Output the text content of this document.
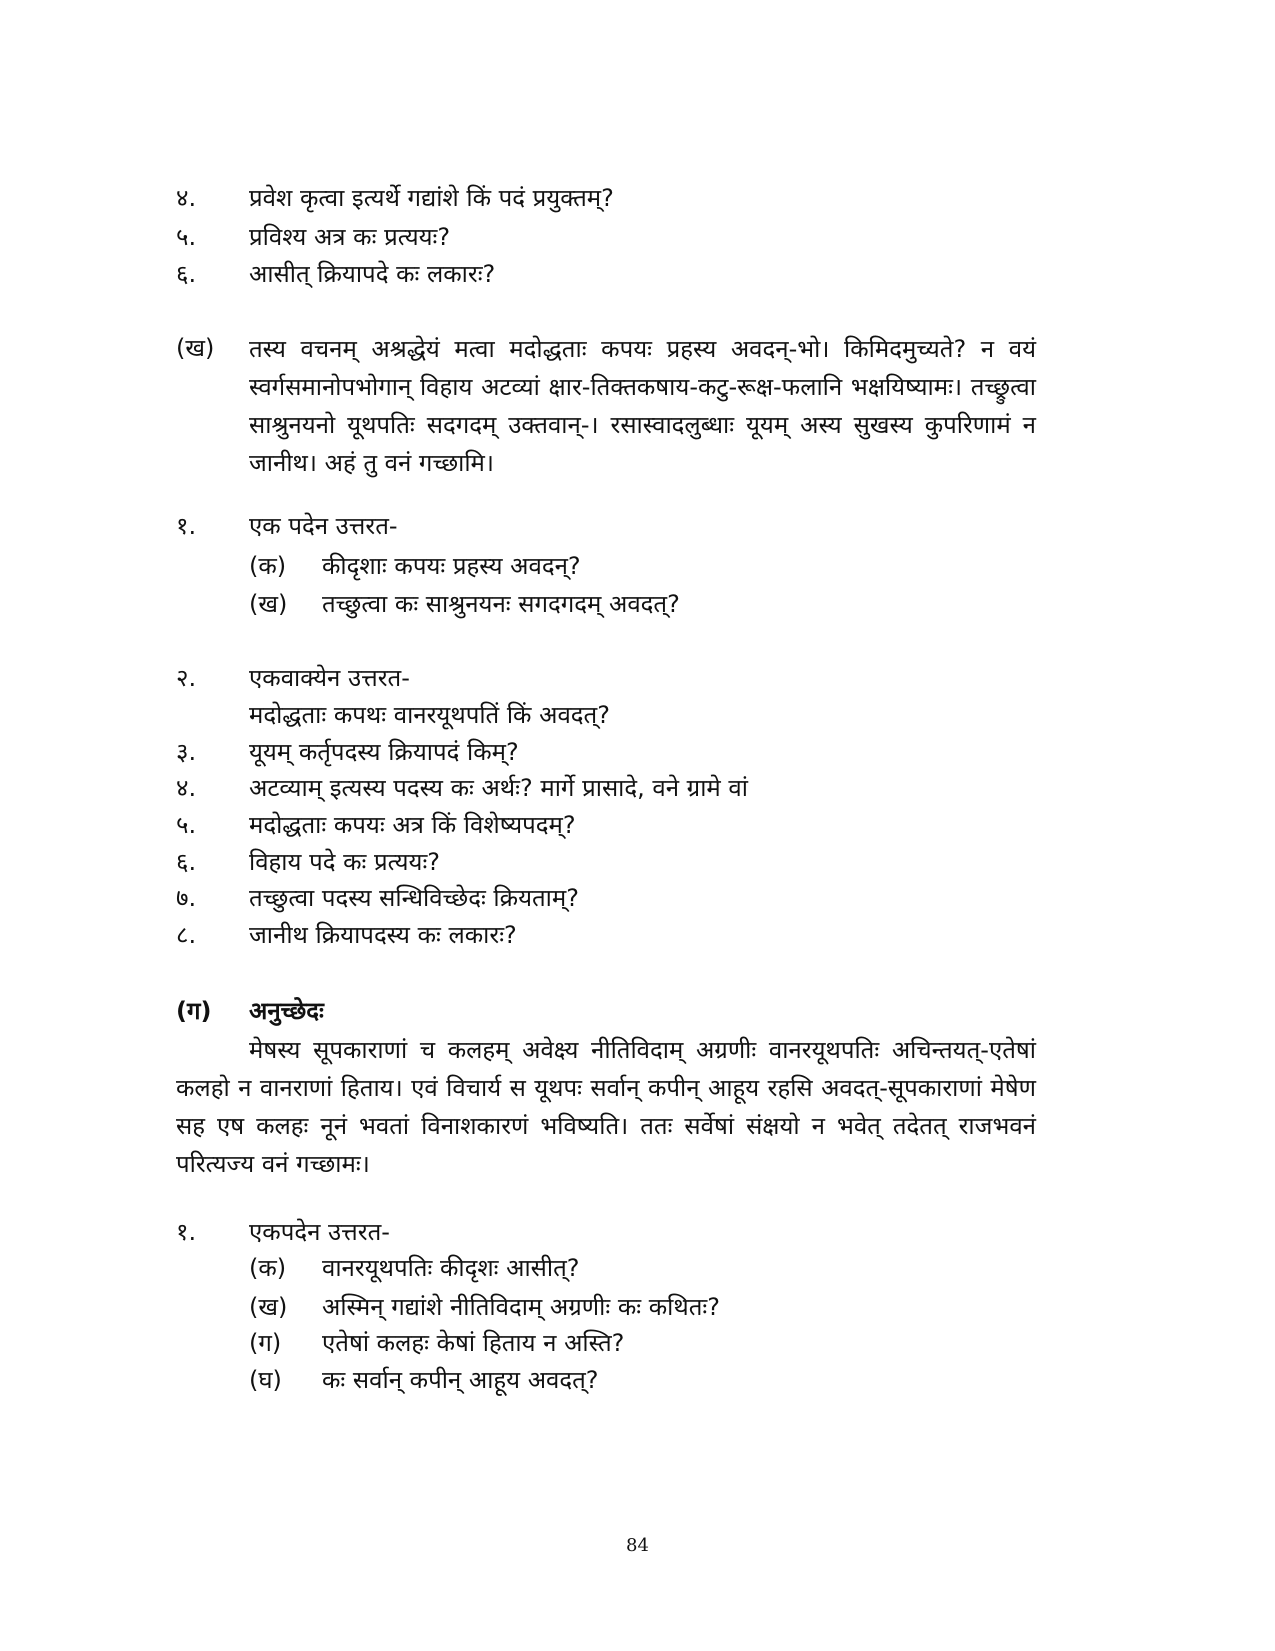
४. प्रवेश कृत्वा इत्यर्थे गद्यांशे किं पदं प्रयुक्तम्?
५. प्रविश्य अत्र कः प्रत्ययः?
६. आसीत् क्रियापदे कः लकारः?
(ख) तस्य वचनम् अश्रद्धेयं मत्वा मदोद्धताः कपयः प्रहस्य अवदन्-भो। किमिदमुच्यते? न वयं स्वर्गसमानोपभोगान् विहाय अटव्यां क्षार-तिक्तकषाय-कटु-रूक्ष-फलानि भक्षयिष्यामः। तच्छ्रुत्वा साश्रुनयनो यूथपतिः सदगदम् उक्तवान्-। रसास्वादलुब्धाः यूयम् अस्य सुखस्य कुपरिणामं न जानीथ। अहं तु वनं गच्छामि।
१. एक पदेन उत्तरत-
(क) कीदृशाः कपयः प्रहस्य अवदन्?
(ख) तच्छुत्वा कः साश्रुनयनः सगदगदम् अवदत्?
२. एकवाक्येन उत्तरत-
मदोद्धताः कपथः वानरयूथपतिं किं अवदत्?
३. यूयम् कर्तृपदस्य क्रियापदं किम्?
४. अटव्याम् इत्यस्य पदस्य कः अर्थः? मार्गे प्रासादे, वने ग्रामे वां
५. मदोद्धताः कपयः अत्र किं विशेष्यपदम्?
६. विहाय पदे कः प्रत्ययः?
७. तच्छुत्वा पदस्य सन्धिविच्छेदः क्रियताम्?
८. जानीथ क्रियापदस्य कः लकारः?
(ग) अनुच्छेदः
मेषस्य सूपकाराणां च कलहम् अवेक्ष्य नीतिविदाम् अग्रणीः वानरयूथपतिः अचिन्तयत्-एतेषां कलहो न वानराणां हिताय। एवं विचार्य स यूथपः सर्वान् कपीन् आहूय रहसि अवदत्-सूपकाराणां मेषेण सह एष कलहः नूनं भवतां विनाशकारणं भविष्यति। ततः सर्वेषां संक्षयो न भवेत् तदेतत् राजभवनं परित्यज्य वनं गच्छामः।
१. एकपदेन उत्तरत-
(क) वानरयूथपतिः कीदृशः आसीत्?
(ख) अस्मिन् गद्यांशे नीतिविदाम् अग्रणीः कः कथितः?
(ग) एतेषां कलहः केषां हिताय न अस्ति?
(घ) कः सर्वान् कपीन् आहूय अवदत्?
84
